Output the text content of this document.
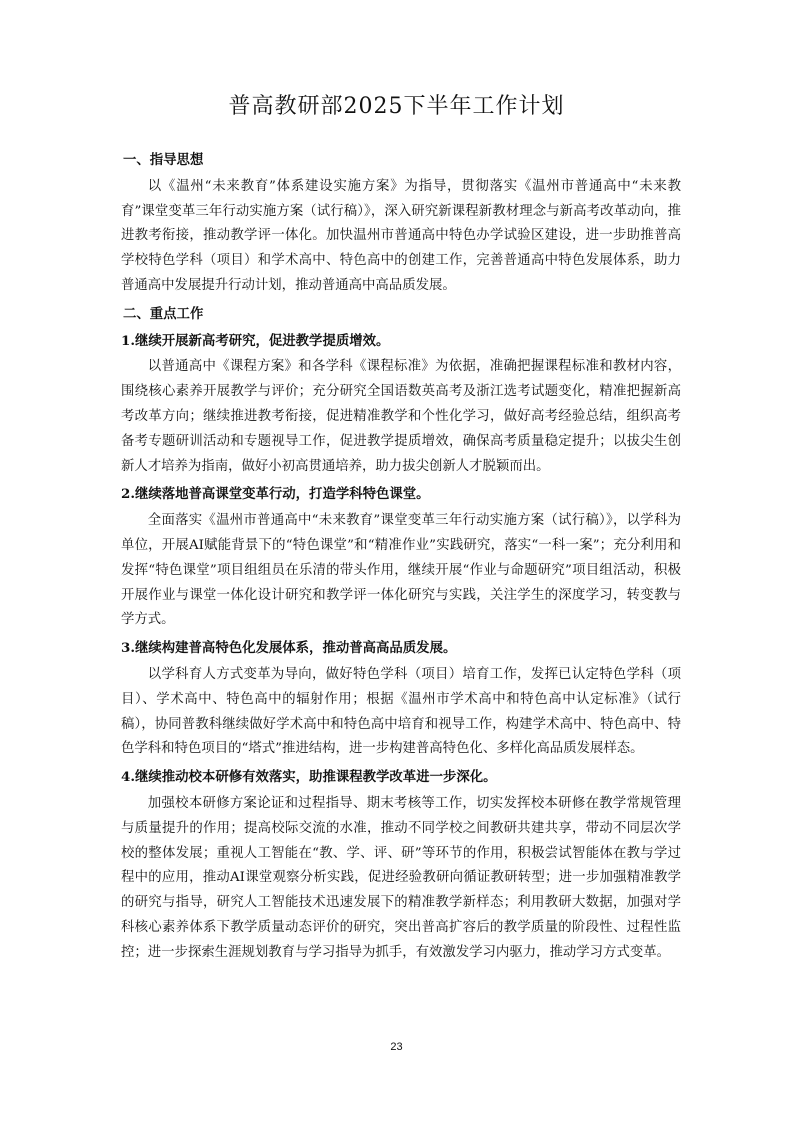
普高教研部2025下半年工作计划
一、指导思想
以《温州“未来教育”体系建设实施方案》为指导，贯彻落实《温州市普通高中“未来教育”课堂变革三年行动实施方案（试行稿）》，深入研究新课程新教材理念与新高考改革动向，推进教考衔接，推动教学评一体化。加快温州市普通高中特色办学试验区建设，进一步助推普高学校特色学科（项目）和学术高中、特色高中的创建工作，完善普通高中特色发展体系，助力普通高中发展提升行动计划，推动普通高中高品质发展。
二、重点工作
1.继续开展新高考研究，促进教学提质增效。
以普通高中《课程方案》和各学科《课程标准》为依据，准确把握课程标准和教材内容，围绕核心素养开展教学与评价；充分研究全国语数英高考及浙江选考试题变化，精准把握新高考改革方向；继续推进教考衔接，促进精准教学和个性化学习，做好高考经验总结，组织高考备考专题研训活动和专题视导工作，促进教学提质增效，确保高考质量稳定提升；以拔尖生创新人才培养为指南，做好小初高贯通培养，助力拔尖创新人才脱颖而出。
2.继续落地普高课堂变革行动，打造学科特色课堂。
全面落实《温州市普通高中“未来教育”课堂变革三年行动实施方案（试行稿）》，以学科为单位，开展AI赋能背景下的“特色课堂”和“精准作业”实践研究，落实“一科一案”；充分利用和发挥“特色课堂”项目组组员在乐清的带头作用，继续开展“作业与命题研究”项目组活动，积极开展作业与课堂一体化设计研究和教学评一体化研究与实践，关注学生的深度学习，转变教与学方式。
3.继续构建普高特色化发展体系，推动普高高品质发展。
以学科育人方式变革为导向，做好特色学科（项目）培育工作，发挥已认定特色学科（项目）、学术高中、特色高中的辐射作用；根据《温州市学术高中和特色高中认定标准》（试行稿），协同普教科继续做好学术高中和特色高中培育和视导工作，构建学术高中、特色高中、特色学科和特色项目的“塔式”推进结构，进一步构建普高特色化、多样化高品质发展样态。
4.继续推动校本研修有效落实，助推课程教学改革进一步深化。
加强校本研修方案论证和过程指导、期末考核等工作，切实发挥校本研修在教学常规管理与质量提升的作用；提高校际交流的水准，推动不同学校之间教研共建共享，带动不同层次学校的整体发展；重视人工智能在“教、学、评、研”等环节的作用，积极尝试智能体在教与学过程中的应用，推动AI课堂观察分析实践，促进经验教研向循证教研转型；进一步加强精准教学的研究与指导，研究人工智能技术迅速发展下的精准教学新样态；利用教研大数据，加强对学科核心素养体系下教学质量动态评价的研究，突出普高扩容后的教学质量的阶段性、过程性监控；进一步探索生涯规划教育与学习指导为抓手，有效激发学习内驱力，推动学习方式变革。
23
